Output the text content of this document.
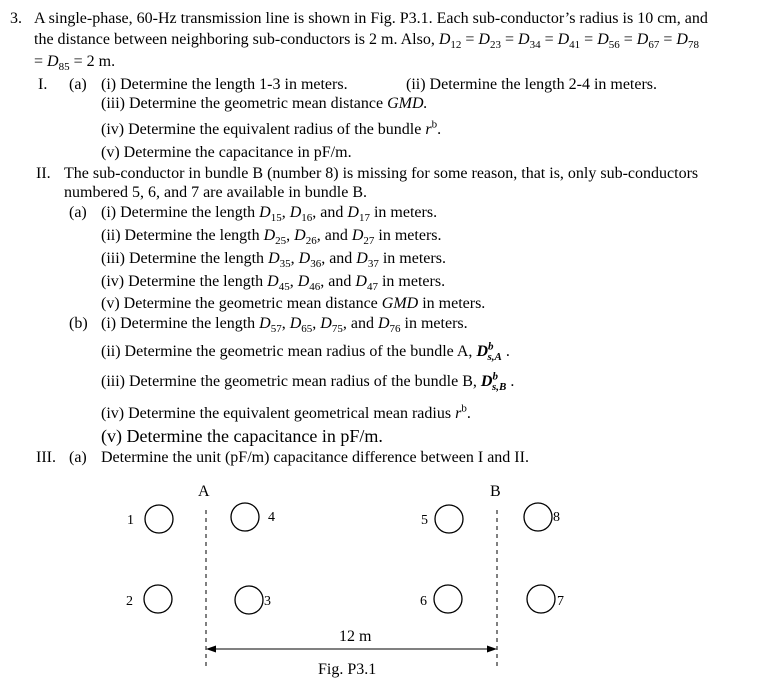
3. A single-phase, 60-Hz transmission line is shown in Fig. P3.1. Each sub-conductor’s radius is 10 cm, and
the distance between neighboring sub-conductors is 2 m. Also, $D_{12} = D_{23} = D_{34} = D_{41} = D_{56} = D_{67} = D_{78}$
= $D_{85} = 2$ m.
I. (a) (i) Determine the length 1-3 in meters.	(ii) Determine the length 2-4 in meters.
(iii) Determine the geometric mean distance GMD.
(iv) Determine the equivalent radius of the bundle $r^b$.
(v) Determine the capacitance in pF/m.
II. The sub-conductor in bundle B (number 8) is missing for some reason, that is, only sub-conductors
numbered 5, 6, and 7 are available in bundle B.
(a) (i) Determine the length $D_{15}$, $D_{16}$, and $D_{17}$ in meters.
(ii) Determine the length $D_{25}$, $D_{26}$, and $D_{27}$ in meters.
(iii) Determine the length $D_{35}$, $D_{36}$, and $D_{37}$ in meters.
(iv) Determine the length $D_{45}$, $D_{46}$, and $D_{47}$ in meters.
(v) Determine the geometric mean distance GMD in meters.
(b) (i) Determine the length $D_{57}$, $D_{65}$, $D_{75}$, and $D_{76}$ in meters.
(ii) Determine the geometric mean radius of the bundle A, $D^b_{s,A}$ .
(iii) Determine the geometric mean radius of the bundle B, $D^b_{s,B}$ .
(iv) Determine the equivalent geometrical mean radius $r^b$.
(v) Determine the capacitance in pF/m.
III. (a) Determine the unit (pF/m) capacitance difference between I and II.
A	B
1	4
2	3
5	8
6	7
12 m
Fig. P3.1
